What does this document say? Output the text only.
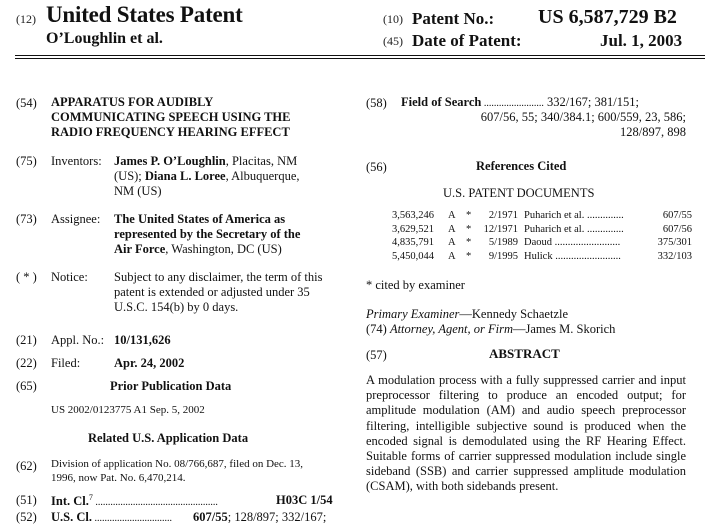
(12) United States Patent
O’Loughlin et al.
(10) Patent No.: US 6,587,729 B2
(45) Date of Patent:	Jul. 1, 2003
(54) APPARATUS FOR AUDIBLY
COMMUNICATING SPEECH USING THE
RADIO FREQUENCY HEARING EFFECT
(75) Inventors: James P. O’Loughlin, Placitas, NM
(US); Diana L. Loree, Albuquerque,
NM (US)
(73) Assignee: The United States of America as
represented by the Secretary of the
Air Force, Washington, DC (US)
( * ) Notice: Subject to any disclaimer, the term of this
patent is extended or adjusted under 35
U.S.C. 154(b) by 0 days.
(21) Appl. No.: 10/131,626
(22) Filed:	Apr. 24, 2002
(65)	Prior Publication Data
US 2002/0123775 A1 Sep. 5, 2002
Related U.S. Application Data
(62) Division of application No. 08/766,687, filed on Dec. 13,
1996, now Pat. No. 6,470,214.
(51) Int. Cl.$^7$ .................................................	H03C 1/54
(52) U.S. Cl. ............................... 607/55; 128/897; 332/167;
(58) Field of Search ........................ 332/167; 381/151;
607/56, 55; 340/384.1; 600/559, 23, 586;
128/897, 898
(56)	References Cited
U.S. PATENT DOCUMENTS
3,563,246	A	*	2/1971	Puharich et al. ..............	607/55
3,629,521	A	*	12/1971	Puharich et al. ..............	607/56
4,835,791	A	*	5/1989	Daoud .........................	375/301
5,450,044	A	*	9/1995	Hulick .........................	332/103
* cited by examiner
Primary Examiner—Kennedy Schaetzle
(74) Attorney, Agent, or Firm—James M. Skorich
(57)	ABSTRACT
A modulation process with a fully suppressed carrier and input preprocessor filtering to produce an encoded output; for amplitude modulation (AM) and audio speech preprocessor filtering, intelligible subjective sound is produced when the encoded signal is demodulated using the RF Hearing Effect. Suitable forms of carrier suppressed modulation include single sideband (SSB) and carrier suppressed amplitude modulation (CSAM), with both sidebands present.
